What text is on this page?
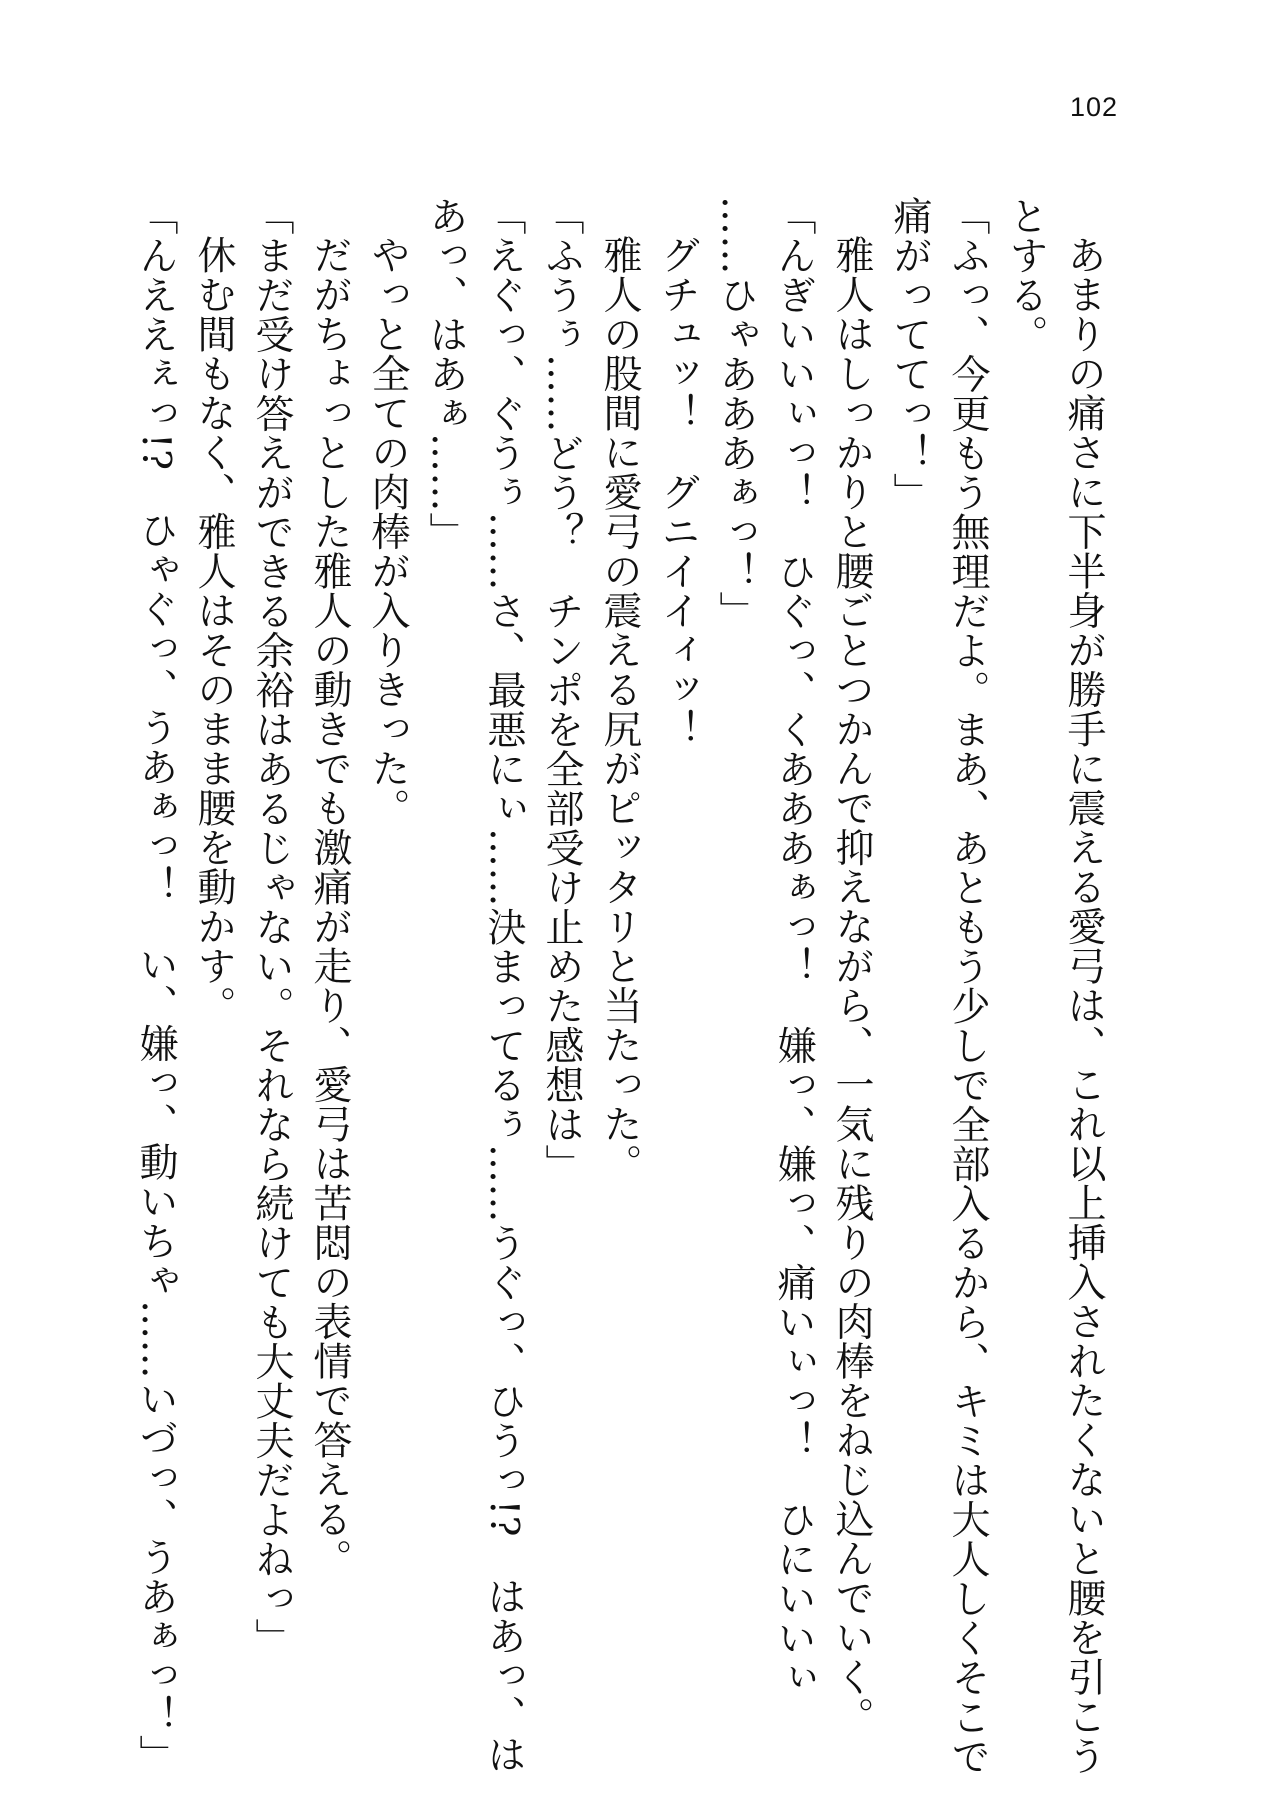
102
あまりの痛さに下半身が勝手に震える愛弓は、これ以上挿入されたくないと腰を引こう
とする。
「ふっ、今更もう無理だよ。まあ、あともう少しで全部入るから、キミは大人しくそこで
痛がっててっ！」
雅人はしっかりと腰ごとつかんで抑えながら、一気に残りの肉棒をねじ込んでいく。
「んぎいいぃっ！　ひぐっ、くあああぁっ！　嫌っ、嫌っ、痛いぃっ！　ひにいいぃ
……ひゃあああぁっ！」
グチュッ！　グニイイィッ！
雅人の股間に愛弓の震える尻がピッタリと当たった。
「ふうぅ……どう？　チンポを全部受け止めた感想は」
「えぐっ、ぐうぅ……さ、最悪にぃ……決まってるぅ……うぐっ、ひうっ!?　はあっ、は
あっ、はあぁ……」
やっと全ての肉棒が入りきった。
だがちょっとした雅人の動きでも激痛が走り、愛弓は苦悶の表情で答える。
「まだ受け答えができる余裕はあるじゃない。それなら続けても大丈夫だよねっ」
休む間もなく、雅人はそのまま腰を動かす。
「んええぇっ!?　ひゃぐっ、うあぁっ！　い、嫌っ、動いちゃ……いづっ、うあぁっ！」
